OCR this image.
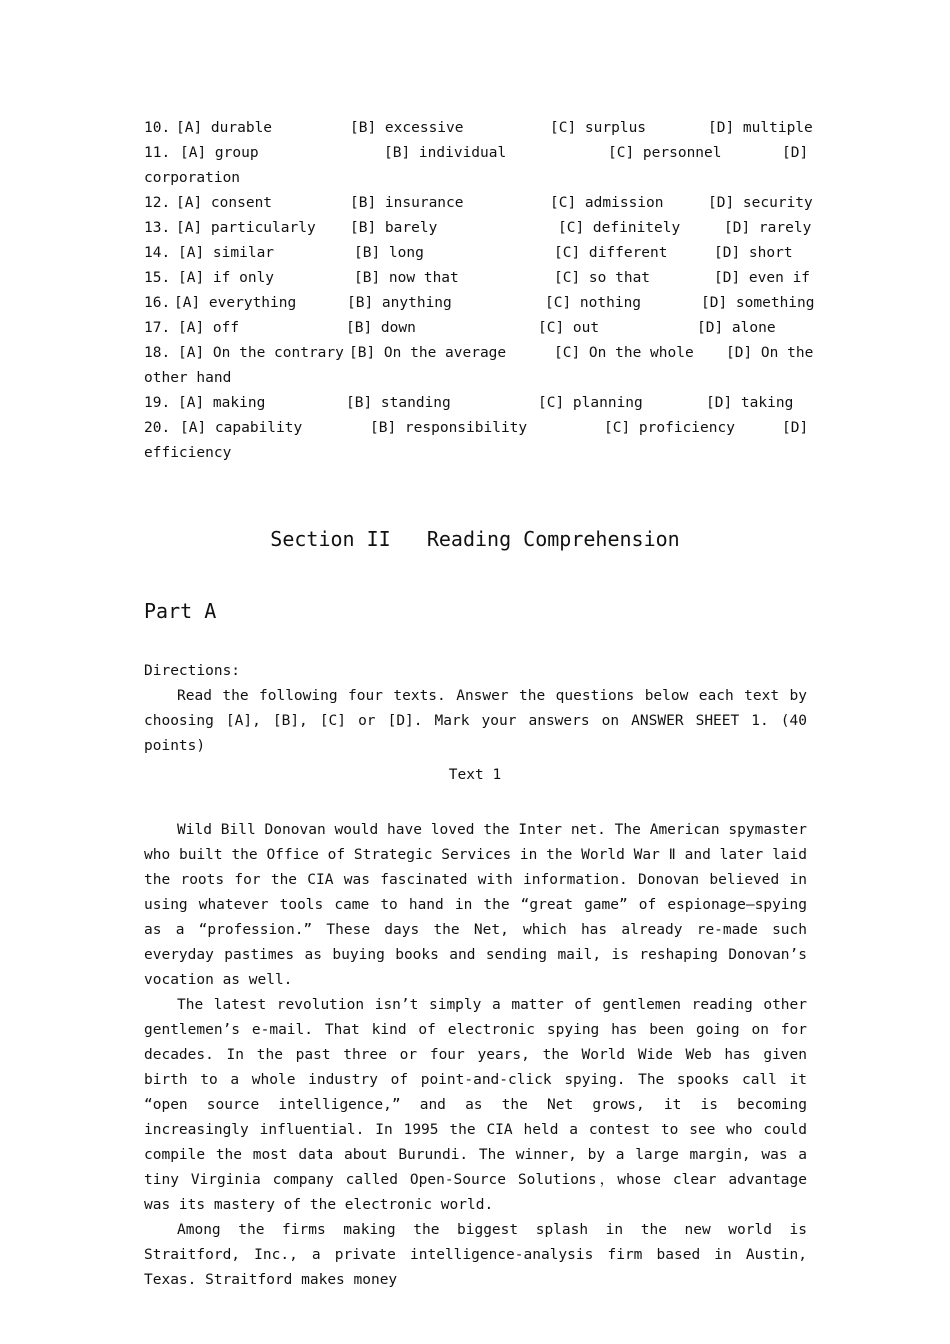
10.

[A] durable

	[B] excessive

	[C] surplus

	[D] multiple

11.

[A] group

	[B] individual

	[C] personnel

	[D]

corporation

12.

[A] consent

	[B] insurance

	[C] admission

	[D] security

13.

[A] particularly

[B] barely

	[C] definitely

	[D] rarely

14.

[A] similar

	[B] long

	[C] different

	[D] short

15.

[A] if only

	[B] now that

	[C] so that

	[D] even if

16.

[A] everything

	[B] anything

	[C] nothing

	[D] something

17.

[A] off

	[B] down

	[C] out

	[D] alone

18.

[A] On the contrary

[B] On the average

	[C] On the whole

[D] On the

other hand

19.

[A] making

	[B] standing

	[C] planning

	[D] taking

20.

[A] capability

	[B] responsibility

	[C] proficiency

	[D]

efficiency
Section II   Reading Comprehension
Part A
Directions:

Read the following four texts. Answer the questions below each text by choosing [A], [B], [C] or [D]. Mark your answers on ANSWER SHEET 1. (40 points)

Text 1

Wild Bill Donovan would have loved the Inter net. The American spymaster who built the Office of Strategic Services in the World War Ⅱ and later laid the roots for the CIA was fascinated with information. Donovan believed in using whatever tools came to hand in the “great game” of espionage—spying as a “profession.” These days the Net, which has already re-made such everyday pastimes as buying books and sending mail, is reshaping Donovan’s vocation as well.

The latest revolution isn’t simply a matter of gentlemen reading other gentlemen’s e-mail. That kind of electronic spying has been going on for decades. In the past three or four years, the World Wide Web has given birth to a whole industry of point-and-click spying. The spooks call it “open source intelligence,” and as the Net grows, it is becoming increasingly influential. In 1995 the CIA held a contest to see who could compile the most data about Burundi. The winner, by a large margin, was a tiny Virginia company called Open-Source Solutions，whose clear advantage was its mastery of the electronic world.

Among the firms making the biggest splash in the new world is Straitford, Inc., a private intelligence-analysis firm based in Austin, Texas. Straitford makes money
